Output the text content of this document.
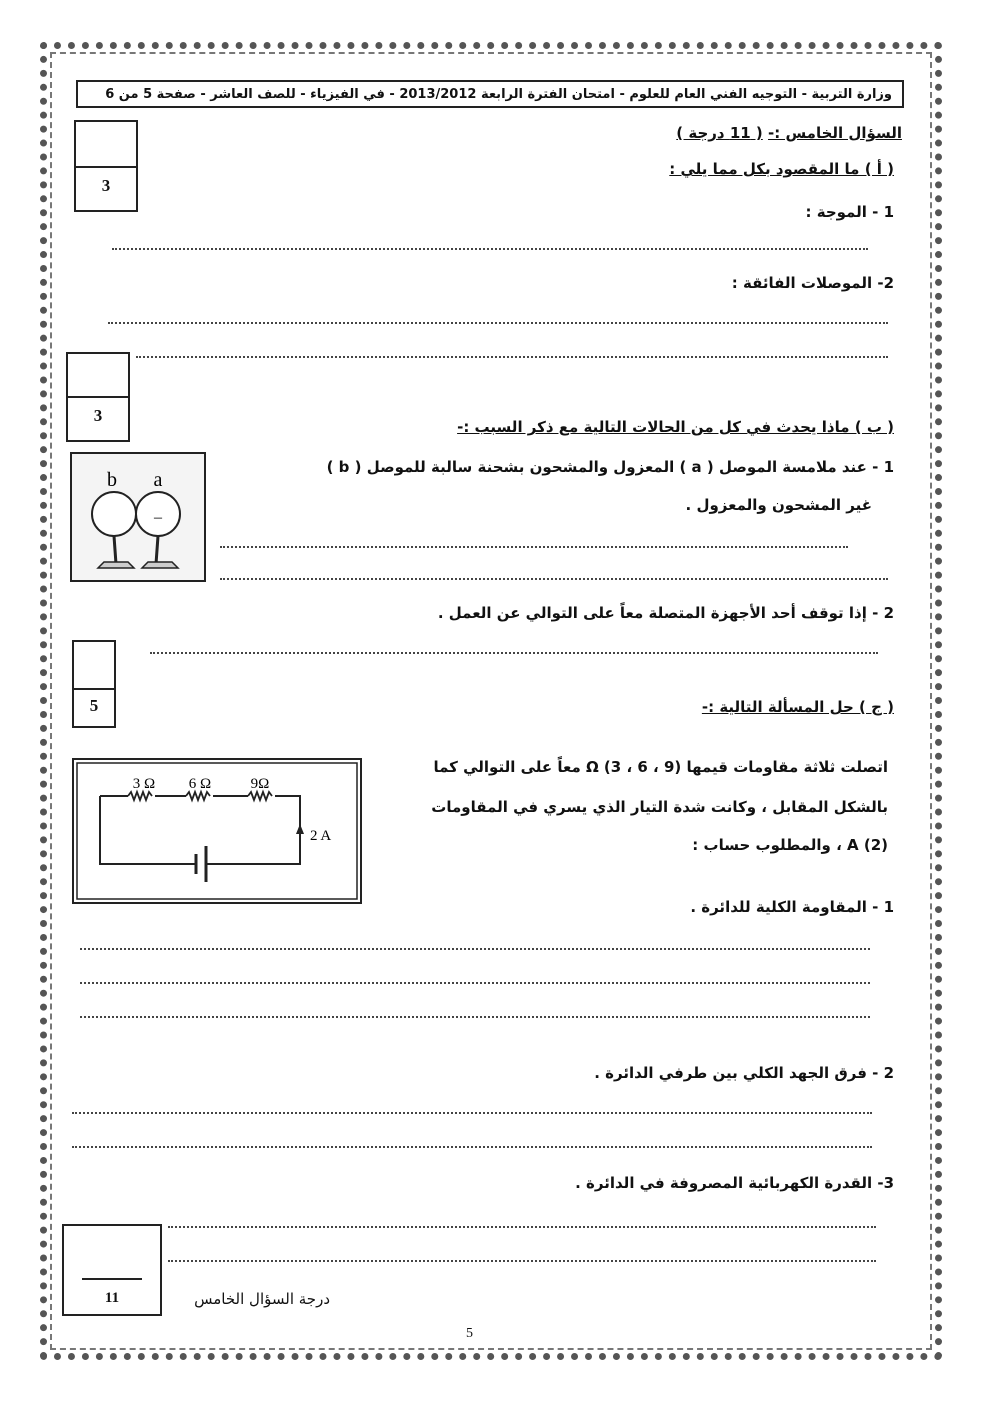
وزارة التربية - التوجيه الفني العام للعلوم - امتحان الفترة الرابعة 2013/2012 - في الفيزياء - للصف العاشر - صفحة 5 من 6
السؤال الخامس :- ( 11 درجة )
3
( أ ) ما المقصود بكل مما يلي :
1 - الموجة :
2- الموصلات الفائقة :
3
( ب ) ماذا يحدث في كل من الحالات التالية مع ذكر السبب :-
1 - عند ملامسة الموصل ( a ) المعزول والمشحون بشحنة سالبة للموصل ( b )
غير المشحون والمعزول .
b a
–
2 - إذا توقف أحد الأجهزة المتصلة معاً على التوالي عن العمل .
5	( ج ) حل المسألة التالية :-
اتصلت ثلاثة مقاومات قيمها Ω (3 ، 6 ، 9) معاً على التوالي كما
بالشكل المقابل ، وكانت شدة التيار الذي يسري في المقاومات
A (2) ، والمطلوب حساب :
3 Ω 6 Ω	9Ω
2 A
1 - المقاومة الكلية للدائرة .
2 - فرق الجهد الكلي بين طرفي الدائرة .
3- القدرة الكهربائية المصروفة في الدائرة .
11	درجة السؤال الخامس
5
